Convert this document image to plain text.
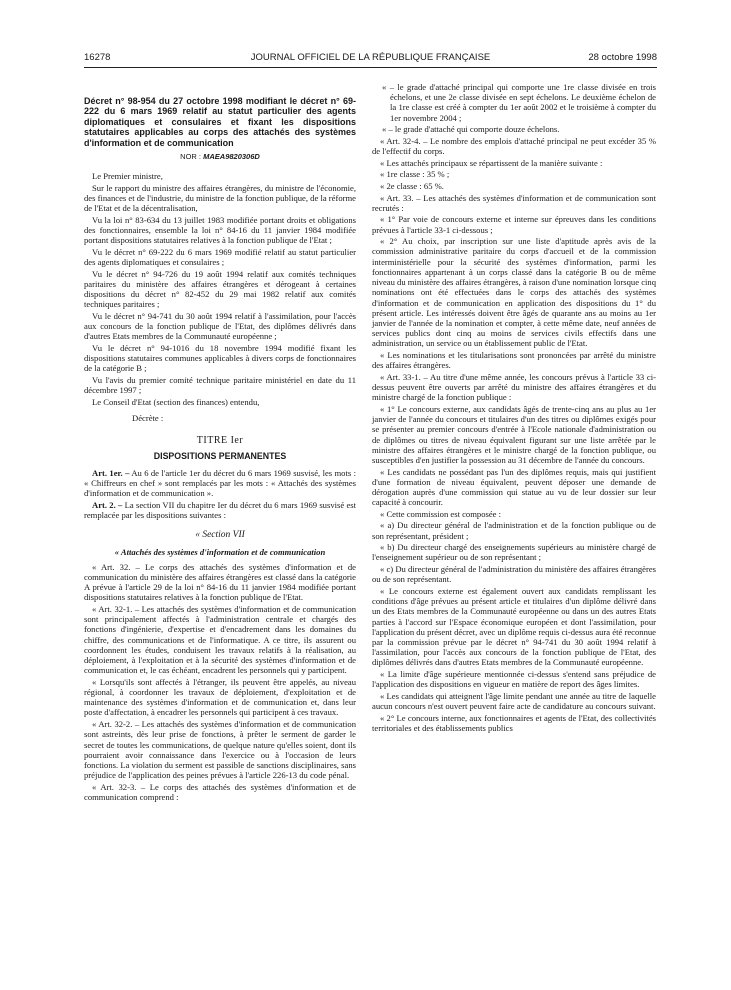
16278	JOURNAL OFFICIEL DE LA RÉPUBLIQUE FRANÇAISE	28 octobre 1998

Décret n° 98-954 du 27 octobre 1998 modifiant le décret n° 69-222 du 6 mars 1969 relatif au statut particulier des agents diplomatiques et consulaires et fixant les dispositions statutaires applicables au corps des attachés des systèmes d'information et de communication

NOR : MAEA9820306D

Le Premier ministre,

Sur le rapport du ministre des affaires étrangères, du ministre de l'économie, des finances et de l'industrie, du ministre de la fonction publique, de la réforme de l'Etat et de la décentralisation,

Vu la loi n° 83-634 du 13 juillet 1983 modifiée portant droits et obligations des fonctionnaires, ensemble la loi n° 84-16 du 11 janvier 1984 modifiée portant dispositions statutaires relatives à la fonction publique de l'Etat ;

Vu le décret n° 69-222 du 6 mars 1969 modifié relatif au statut particulier des agents diplomatiques et consulaires ;

Vu le décret n° 94-726 du 19 août 1994 relatif aux comités techniques paritaires du ministère des affaires étrangères et dérogeant à certaines dispositions du décret n° 82-452 du 29 mai 1982 relatif aux comités techniques paritaires ;

Vu le décret n° 94-741 du 30 août 1994 relatif à l'assimilation, pour l'accès aux concours de la fonction publique de l'Etat, des diplômes délivrés dans d'autres Etats membres de la Communauté européenne ;

Vu le décret n° 94-1016 du 18 novembre 1994 modifié fixant les dispositions statutaires communes applicables à divers corps de fonctionnaires de la catégorie B ;

Vu l'avis du premier comité technique paritaire ministériel en date du 11 décembre 1997 ;

Le Conseil d'Etat (section des finances) entendu,

Décrète :

TITRE Ier

DISPOSITIONS PERMANENTES

Art. 1er. – Au 6 de l'article 1er du décret du 6 mars 1969 susvisé, les mots : « Chiffreurs en chef » sont remplacés par les mots : « Attachés des systèmes d'information et de communication ».

Art. 2. – La section VII du chapitre Ier du décret du 6 mars 1969 susvisé est remplacée par les dispositions suivantes :

« Section VII

« Attachés des systèmes d'information et de communication

« Art. 32. – Le corps des attachés des systèmes d'information et de communication du ministère des affaires étrangères est classé dans la catégorie A prévue à l'article 29 de la loi n° 84-16 du 11 janvier 1984 modifiée portant dispositions statutaires relatives à la fonction publique de l'Etat.

« Art. 32-1. – Les attachés des systèmes d'information et de communication sont principalement affectés à l'administration centrale et chargés des fonctions d'ingénierie, d'expertise et d'encadrement dans les domaines du chiffre, des communications et de l'informatique. A ce titre, ils assurent ou coordonnent les études, conduisent les travaux relatifs à la réalisation, au déploiement, à l'exploitation et à la sécurité des systèmes d'information et de communication et, le cas échéant, encadrent les personnels qui y participent.

« Lorsqu'ils sont affectés à l'étranger, ils peuvent être appelés, au niveau régional, à coordonner les travaux de déploiement, d'exploitation et de maintenance des systèmes d'information et de communication et, dans leur poste d'affectation, à encadrer les personnels qui participent à ces travaux.

« Art. 32-2. – Les attachés des systèmes d'information et de communication sont astreints, dès leur prise de fonctions, à prêter le serment de garder le secret de toutes les communications, de quelque nature qu'elles soient, dont ils pourraient avoir connaissance dans l'exercice ou à l'occasion de leurs fonctions. La violation du serment est passible de sanctions disciplinaires, sans préjudice de l'application des peines prévues à l'article 226-13 du code pénal.

« Art. 32-3. – Le corps des attachés des systèmes d'information et de communication comprend :

« – le grade d'attaché principal qui comporte une 1re classe divisée en trois échelons, et une 2e classe divisée en sept échelons. Le deuxième échelon de la 1re classe est créé à compter du 1er août 2002 et le troisième à compter du 1er novembre 2004 ;

« – le grade d'attaché qui comporte douze échelons.

« Art. 32-4. – Le nombre des emplois d'attaché principal ne peut excéder 35 % de l'effectif du corps.

« Les attachés principaux se répartissent de la manière suivante :

« 1re classe : 35 % ;

« 2e classe : 65 %.

« Art. 33. – Les attachés des systèmes d'information et de communication sont recrutés :

« 1° Par voie de concours externe et interne sur épreuves dans les conditions prévues à l'article 33-1 ci-dessous ;

« 2° Au choix, par inscription sur une liste d'aptitude après avis de la commission administrative paritaire du corps d'accueil et de la commission interministérielle pour la sécurité des systèmes d'information, parmi les fonctionnaires appartenant à un corps classé dans la catégorie B ou de même niveau du ministère des affaires étrangères, à raison d'une nomination lorsque cinq nominations ont été effectuées dans le corps des attachés des systèmes d'information et de communication en application des dispositions du 1° du présent article. Les intéressés doivent être âgés de quarante ans au moins au 1er janvier de l'année de la nomination et compter, à cette même date, neuf années de services publics dont cinq au moins de services civils effectifs dans une administration, un service ou un établissement public de l'Etat.

« Les nominations et les titularisations sont prononcées par arrêté du ministre des affaires étrangères.

« Art. 33-1. – Au titre d'une même année, les concours prévus à l'article 33 ci-dessus peuvent être ouverts par arrêté du ministre des affaires étrangères et du ministre chargé de la fonction publique :

« 1° Le concours externe, aux candidats âgés de trente-cinq ans au plus au 1er janvier de l'année du concours et titulaires d'un des titres ou diplômes exigés pour se présenter au premier concours d'entrée à l'Ecole nationale d'administration ou de diplômes ou titres de niveau équivalent figurant sur une liste arrêtée par le ministre des affaires étrangères et le ministre chargé de la fonction publique, ou susceptibles d'en justifier la possession au 31 décembre de l'année du concours.

« Les candidats ne possédant pas l'un des diplômes requis, mais qui justifient d'une formation de niveau équivalent, peuvent déposer une demande de dérogation auprès d'une commission qui statue au vu de leur dossier sur leur capacité à concourir.

« Cette commission est composée :

« a) Du directeur général de l'administration et de la fonction publique ou de son représentant, président ;

« b) Du directeur chargé des enseignements supérieurs au ministère chargé de l'enseignement supérieur ou de son représentant ;

« c) Du directeur général de l'administration du ministère des affaires étrangères ou de son représentant.

« Le concours externe est également ouvert aux candidats remplissant les conditions d'âge prévues au présent article et titulaires d'un diplôme délivré dans un des Etats membres de la Communauté européenne ou dans un des autres Etats parties à l'accord sur l'Espace économique européen et dont l'assimilation, pour l'application du présent décret, avec un diplôme requis ci-dessus aura été reconnue par la commission prévue par le décret n° 94-741 du 30 août 1994 relatif à l'assimilation, pour l'accès aux concours de la fonction publique de l'Etat, des diplômes délivrés dans d'autres Etats membres de la Communauté européenne.

« La limite d'âge supérieure mentionnée ci-dessus s'entend sans préjudice de l'application des dispositions en vigueur en matière de report des âges limites.

« Les candidats qui atteignent l'âge limite pendant une année au titre de laquelle aucun concours n'est ouvert peuvent faire acte de candidature au concours suivant.

« 2° Le concours interne, aux fonctionnaires et agents de l'Etat, des collectivités territoriales et des établissements publics
